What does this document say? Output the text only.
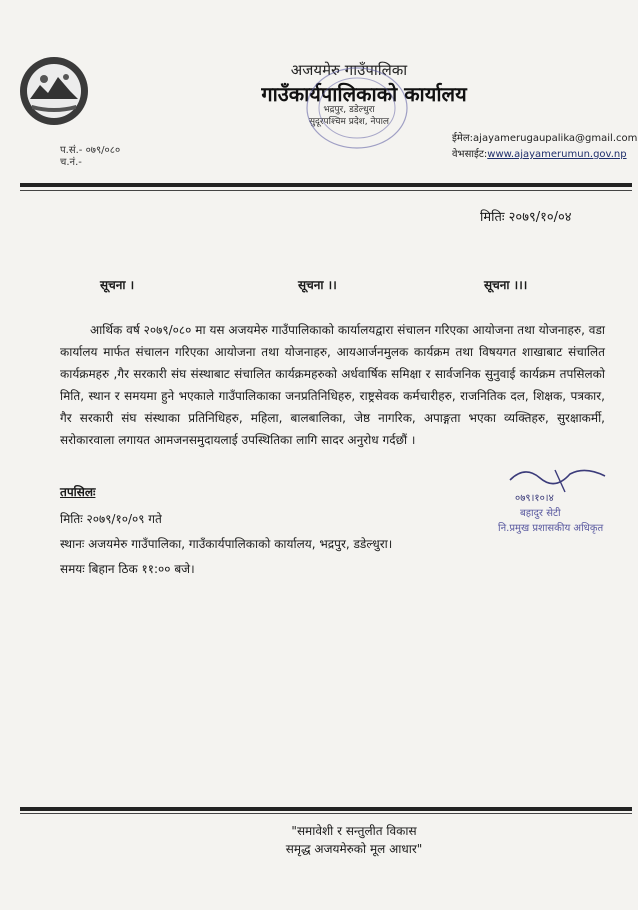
अजयमेरु गाउँपालिका
गाउँकार्यपालिकाको कार्यालय
भद्रपुर, डडेल्धुरा
सुदूरपश्चिम प्रदेश, नेपाल
प.सं.- ०७९/०८०
च.नं.-
ईमेल:ajayamerugaupalika@gmail.com
वेभसाईट:www.ajayamerumun.gov.np
मितिः २०७९/१०/०४
सूचना ।	सूचना ।।	सूचना ।।।

आर्थिक वर्ष २०७९/०८० मा यस अजयमेरु गाउँपालिकाको कार्यालयद्वारा संचालन गरिएका आयोजना तथा योजनाहरु, वडा कार्यालय मार्फत संचालन गरिएका आयोजना तथा योजनाहरु, आयआर्जनमुलक कार्यक्रम तथा विषयगत शाखाबाट संचालित कार्यक्रमहरु ,गैर सरकारी संघ संस्थाबाट संचालित कार्यक्रमहरुको अर्धवार्षिक समिक्षा र सार्वजनिक सुनुवाई कार्यक्रम तपसिलको मिति, स्थान र समयमा हुने भएकाले गाउँपालिकाका जनप्रतिनिधिहरु, राष्ट्रसेवक कर्मचारीहरु, राजनितिक दल, शिक्षक, पत्रकार, गैर सरकारी संघ संस्थाका प्रतिनिधिहरु, महिला, बालबालिका, जेष्ठ नागरिक, अपाङ्गता भएका व्यक्तिहरु, सुरक्षाकर्मी, सरोकारवाला लगायत आमजनसमुदायलाई उपस्थितिका लागि सादर अनुरोध गर्दछौं ।

०७९।१०।४
बहादुर सेटी
नि.प्रमुख प्रशासकीय अधिकृत
तपसिलः
मितिः २०७९/१०/०९ गते
स्थानः अजयमेरु गाउँपालिका, गाउँकार्यपालिकाको कार्यालय, भद्रपुर, डडेल्धुरा।
समयः बिहान ठिक ११:०० बजे।
"समावेशी र सन्तुलीत विकास
समृद्ध अजयमेरुको मूल आधार"
